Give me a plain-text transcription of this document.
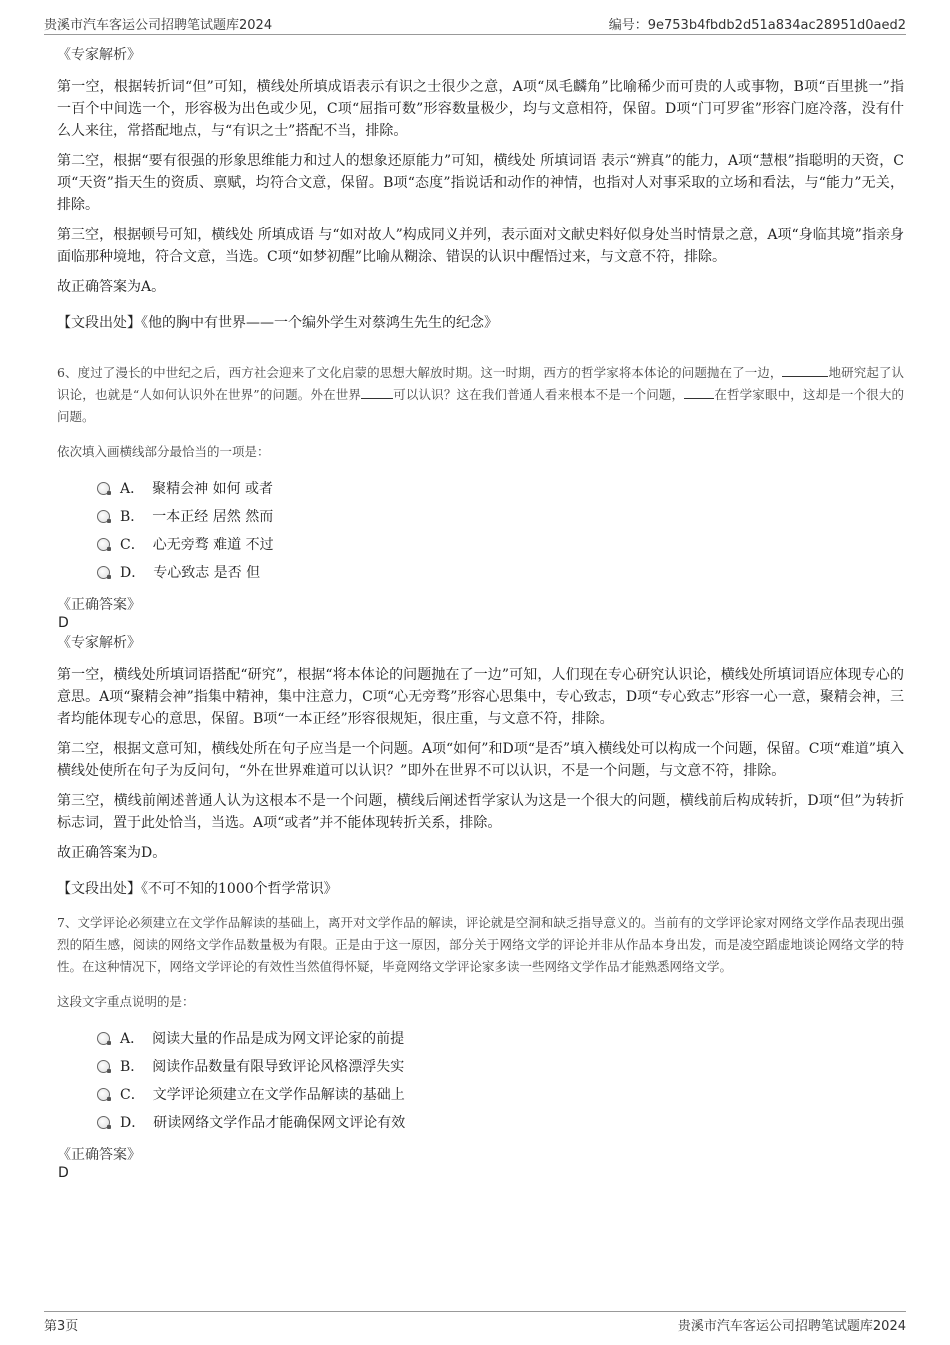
贵溪市汽车客运公司招聘笔试题库2024	编号：9e753b4fbdb2d51a834ac28951d0aed2

《专家解析》

第一空，根据转折词“但”可知，横线处所填成语表示有识之士很少之意，A项“凤毛麟角”比喻稀少而可贵的人或事物，B项“百里挑一”指一百个中间选一个，形容极为出色或少见，C项“屈指可数”形容数量极少，均与文意相符，保留。D项“门可罗雀”形容门庭冷落，没有什么人来往，常搭配地点，与“有识之士”搭配不当，排除。

第二空，根据“要有很强的形象思维能力和过人的想象还原能力”可知，横线处 所填词语 表示“辨真”的能力，A项“慧根”指聪明的天资，C项“天资”指天生的资质、禀赋，均符合文意，保留。B项“态度”指说话和动作的神情，也指对人对事采取的立场和看法，与“能力”无关，排除。

第三空，根据顿号可知，横线处 所填成语 与“如对故人”构成同义并列，表示面对文献史料好似身处当时情景之意，A项“身临其境”指亲身面临那种境地，符合文意，当选。C项“如梦初醒”比喻从糊涂、错误的认识中醒悟过来，与文意不符，排除。

故正确答案为A。

【文段出处】《他的胸中有世界——一个编外学生对蔡鸿生先生的纪念》

6、度过了漫长的中世纪之后，西方社会迎来了文化启蒙的思想大解放时期。这一时期，西方的哲学家将本体论的问题抛在了一边，	地研究起了认识论，也就是“人如何认识外在世界”的问题。外在世界	可以认识？这在我们普通人看来根本不是一个问题， 在哲学家眼中，这却是一个很大的问题。

依次填入画横线部分最恰当的一项是：

A． 聚精会神 如何 或者
B． 一本正经 居然 然而
C． 心无旁骛 难道 不过
D． 专心致志 是否 但

《正确答案》

D

《专家解析》

第一空，横线处所填词语搭配“研究”，根据“将本体论的问题抛在了一边”可知，人们现在专心研究认识论，横线处所填词语应体现专心的意思。A项“聚精会神”指集中精神，集中注意力，C项“心无旁骛”形容心思集中，专心致志，D项“专心致志”形容一心一意，聚精会神，三者均能体现专心的意思，保留。B项“一本正经”形容很规矩，很庄重，与文意不符，排除。

第二空，根据文意可知，横线处所在句子应当是一个问题。A项“如何”和D项“是否”填入横线处可以构成一个问题，保留。C项“难道”填入横线处使所在句子为反问句，“外在世界难道可以认识？”即外在世界不可以认识，不是一个问题，与文意不符，排除。

第三空，横线前阐述普通人认为这根本不是一个问题，横线后阐述哲学家认为这是一个很大的问题，横线前后构成转折，D项“但”为转折标志词，置于此处恰当，当选。A项“或者”并不能体现转折关系，排除。

故正确答案为D。

【文段出处】《不可不知的1000个哲学常识》

7、文学评论必须建立在文学作品解读的基础上，离开对文学作品的解读，评论就是空洞和缺乏指导意义的。当前有的文学评论家对网络文学作品表现出强烈的陌生感，阅读的网络文学作品数量极为有限。正是由于这一原因，部分关于网络文学的评论并非从作品本身出发，而是凌空蹈虚地谈论网络文学的特性。在这种情况下，网络文学评论的有效性当然值得怀疑，毕竟网络文学评论家多读一些网络文学作品才能熟悉网络文学。

这段文字重点说明的是：

A． 阅读大量的作品是成为网文评论家的前提
B． 阅读作品数量有限导致评论风格漂浮失实
C． 文学评论须建立在文学作品解读的基础上
D． 研读网络文学作品才能确保网文评论有效

《正确答案》

D

第3页	贵溪市汽车客运公司招聘笔试题库2024
